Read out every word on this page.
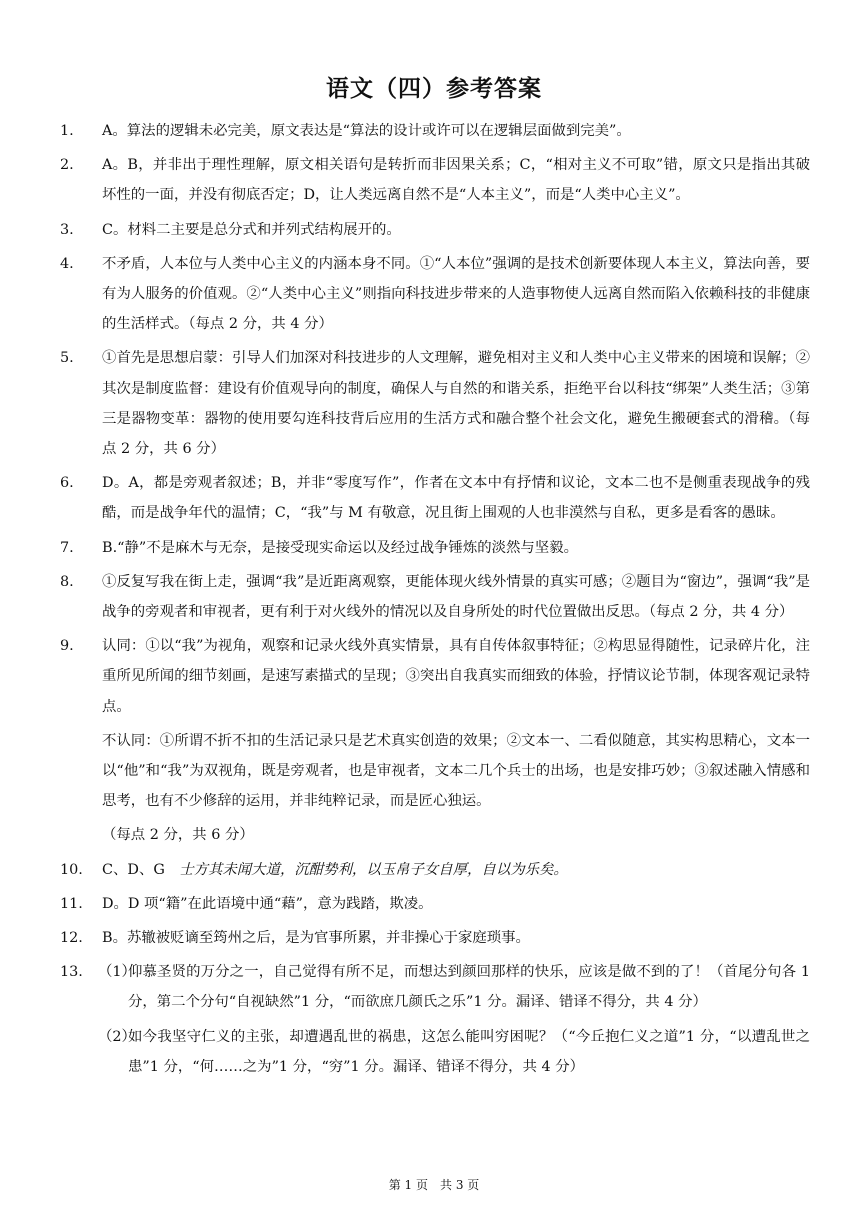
语文（四）参考答案
1.	A。算法的逻辑未必完美，原文表达是“算法的设计或许可以在逻辑层面做到完美”。
2.	A。B，并非出于理性理解，原文相关语句是转折而非因果关系；C，“相对主义不可取”错，原文只是指出其破坏性的一面，并没有彻底否定；D，让人类远离自然不是“人本主义”，而是“人类中心主义”。
3.	C。材料二主要是总分式和并列式结构展开的。
4.	不矛盾，人本位与人类中心主义的内涵本身不同。①“人本位”强调的是技术创新要体现人本主义，算法向善，要有为人服务的价值观。②“人类中心主义”则指向科技进步带来的人造事物使人远离自然而陷入依赖科技的非健康的生活样式。（每点 2 分，共 4 分）
5.	①首先是思想启蒙：引导人们加深对科技进步的人文理解，避免相对主义和人类中心主义带来的困境和误解；②其次是制度监督：建设有价值观导向的制度，确保人与自然的和谐关系，拒绝平台以科技“绑架”人类生活；③第三是器物变革：器物的使用要勾连科技背后应用的生活方式和融合整个社会文化，避免生搬硬套式的滑稽。（每点 2 分，共 6 分）
6.	D。A，都是旁观者叙述；B，并非“零度写作”，作者在文本中有抒情和议论，文本二也不是侧重表现战争的残酷，而是战争年代的温情；C，“我”与 M 有敬意，况且街上围观的人也非漠然与自私，更多是看客的愚昧。
7.	B.“静”不是麻木与无奈，是接受现实命运以及经过战争锤炼的淡然与坚毅。
8.	①反复写我在街上走，强调“我”是近距离观察，更能体现火线外情景的真实可感；②题目为“窗边”，强调“我”是战争的旁观者和审视者，更有利于对火线外的情况以及自身所处的时代位置做出反思。（每点 2 分，共 4 分）
9.	认同：①以“我”为视角，观察和记录火线外真实情景，具有自传体叙事特征；②构思显得随性，记录碎片化，注重所见所闻的细节刻画，是速写素描式的呈现；③突出自我真实而细致的体验，抒情议论节制，体现客观记录特点。
不认同：①所谓不折不扣的生活记录只是艺术真实创造的效果；②文本一、二看似随意，其实构思精心，文本一以“他”和“我”为双视角，既是旁观者，也是审视者，文本二几个兵士的出场，也是安排巧妙；③叙述融入情感和思考，也有不少修辞的运用，并非纯粹记录，而是匠心独运。
（每点 2 分，共 6 分）
10.	C、D、G　士方其未闻大道，沉酣势利，以玉帛子女自厚，自以为乐矣。
11.	D。D 项“籍”在此语境中通“藉”，意为践踏，欺凌。
12.	B。苏辙被贬谪至筠州之后，是为官事所累，并非操心于家庭琐事。
13.	（1）
仰慕圣贤的万分之一，自己觉得有所不足，而想达到颜回那样的快乐，应该是做不到的了！（首尾分句各 1 分，第二个分句“自视缺然”1 分，“而欲庶几颜氏之乐”1 分。漏译、错译不得分，共 4 分）
（2）
如今我坚守仁义的主张，却遭遇乱世的祸患，这怎么能叫穷困呢？（“今丘抱仁义之道”1 分，“以遭乱世之患”1 分，“何……之为”1 分，“穷”1 分。漏译、错译不得分，共 4 分）
第 1 页　共 3 页
